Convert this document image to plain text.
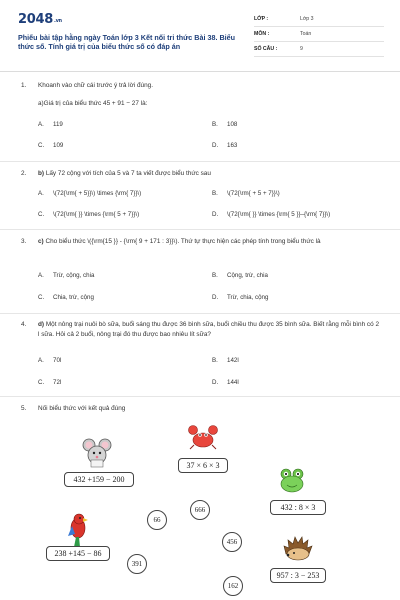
2048.vn
Phiếu bài tập hằng ngày Toán lớp 3 Kết nối tri thức Bài 38. Biểu thức số. Tính giá trị của biểu thức số có đáp án
LỚP :	Lớp 3
MÔN :	Toán
SỐ CÂU :	9
1. Khoanh vào chữ cái trước ý trả lời đúng.
a)Giá trị của biểu thức 45 + 91 − 27 là:
A. 119	B. 108
C. 109	D. 163
2. b) Lấy 72 cộng với tích của 5 và 7 ta viết được biểu thức sau
A. \(72{\rm{ + 5}}\) \times {\rm{ 7}}\)	B. \(72{\rm{ + 5 + 7}}\)
C. \(72{\rm{ }} \times {\rm{ 5 + 7}}\)	D. \(72{\rm{ }} \times {\rm{ 5 }}–{\rm{ 7}}\)
3. c) Cho biểu thức \({\rm{15 }} - {\rm{ 9 + 171 : 3}}\). Thứ tự thực hiện các phép tính trong biểu thức là
A. Trừ, cộng, chia	B. Cộng, trừ, chia
C. Chia, trừ, cộng	D. Trừ, chia, cộng
4. d) Một nông trại nuôi bò sữa, buổi sáng thu được 36 bình sữa, buổi chiều thu được 35 bình sữa. Biết rằng mỗi bình có 2 l sữa. Hỏi cả 2 buổi, nông trại đó thu được bao nhiêu lít sữa?
A. 70l	B. 142l
C. 72l	D. 144l
5. Nối biểu thức với kết quả đúng
432 +159 − 200
37 × 6 × 3
432 : 8 × 3
238 +145 − 86
957 : 3 − 253
666
66
456
391
162
